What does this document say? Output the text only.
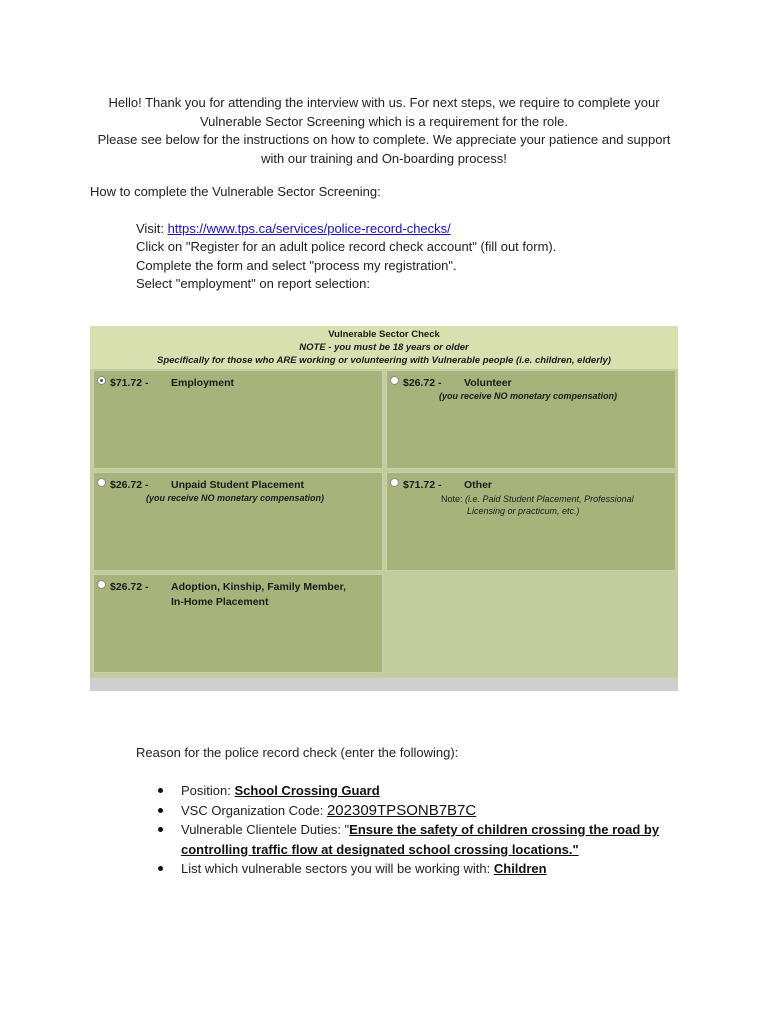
Hello! Thank you for attending the interview with us. For next steps, we require to complete your Vulnerable Sector Screening which is a requirement for the role.

Please see below for the instructions on how to complete. We appreciate your patience and support with our training and On-boarding process!

How to complete the Vulnerable Sector Screening:
Visit: https://www.tps.ca/services/police-record-checks/
Click on "Register for an adult police record check account" (fill out form).
Complete the form and select "process my registration".
Select "employment" on report selection:
Vulnerable Sector Check
NOTE - you must be 18 years or older
Specifically for those who ARE working or volunteering with Vulnerable people (i.e. children, elderly)
$71.72 - Employment	$26.72 - Volunteer
(you receive NO monetary compensation)
$26.72 - Unpaid Student Placement
(you receive NO monetary compensation)
$71.72 - Other
Note: (i.e. Paid Student Placement, Professional
Licensing or practicum, etc.)
$26.72 - Adoption, Kinship, Family Member,
In-Home Placement
Reason for the police record check (enter the following):
Position: School Crossing Guard
VSC Organization Code: 202309TPSONB7B7C
Vulnerable Clientele Duties: "Ensure the safety of children crossing the road by controlling traffic flow at designated school crossing locations."
List which vulnerable sectors you will be working with: Children
